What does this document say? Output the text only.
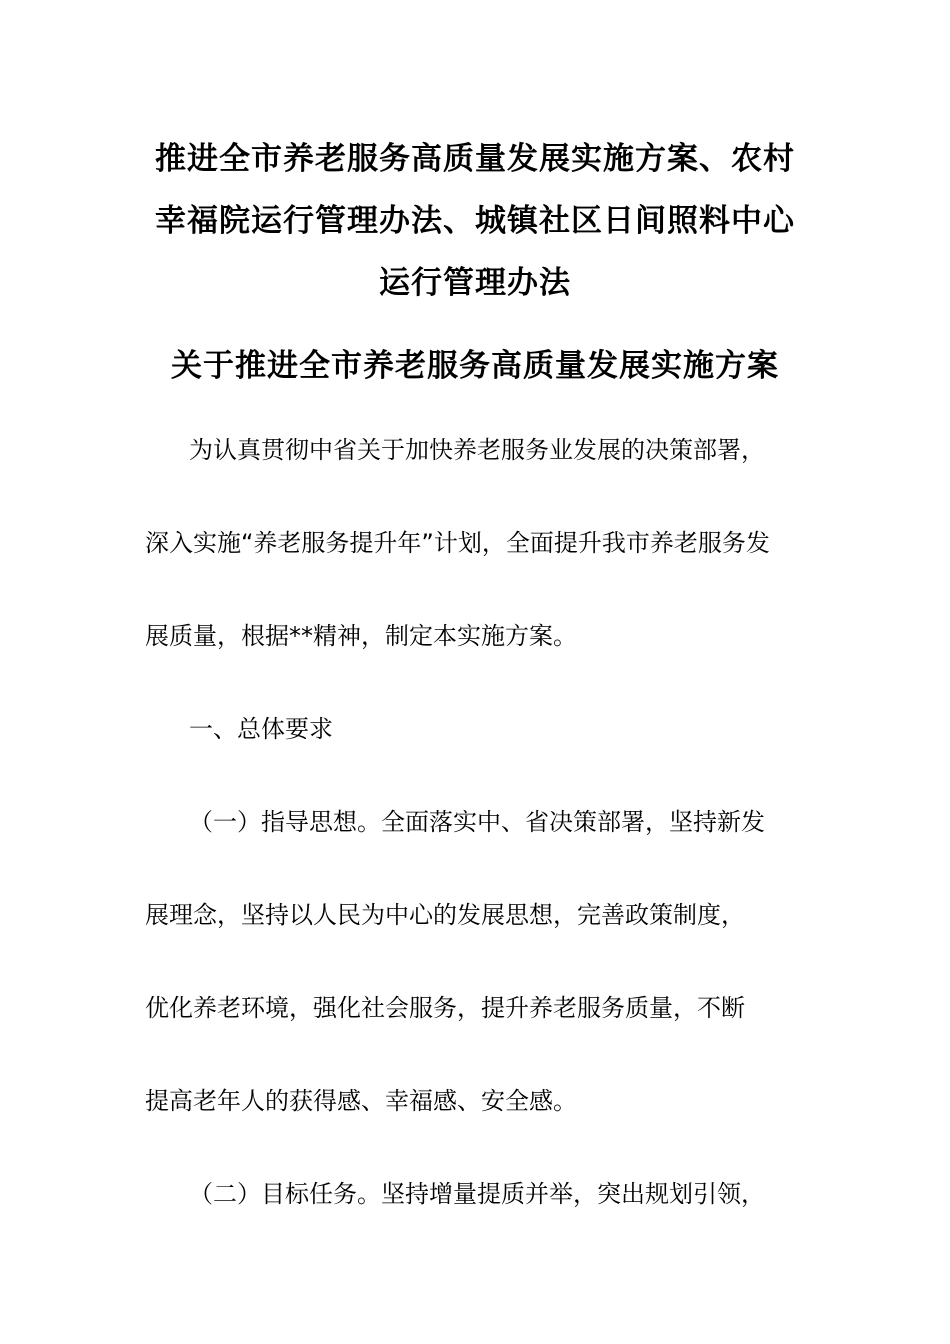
推进全市养老服务高质量发展实施方案、农村
幸福院运行管理办法、城镇社区日间照料中心
运行管理办法
关于推进全市养老服务高质量发展实施方案
为认真贯彻中省关于加快养老服务业发展的决策部署，
深入实施“养老服务提升年”计划，全面提升我市养老服务发
展质量，根据**精神，制定本实施方案。
一、总体要求
（一）指导思想。全面落实中、省决策部署，坚持新发
展理念，坚持以人民为中心的发展思想，完善政策制度，
优化养老环境，强化社会服务，提升养老服务质量，不断
提高老年人的获得感、幸福感、安全感。
（二）目标任务。坚持增量提质并举，突出规划引领，
